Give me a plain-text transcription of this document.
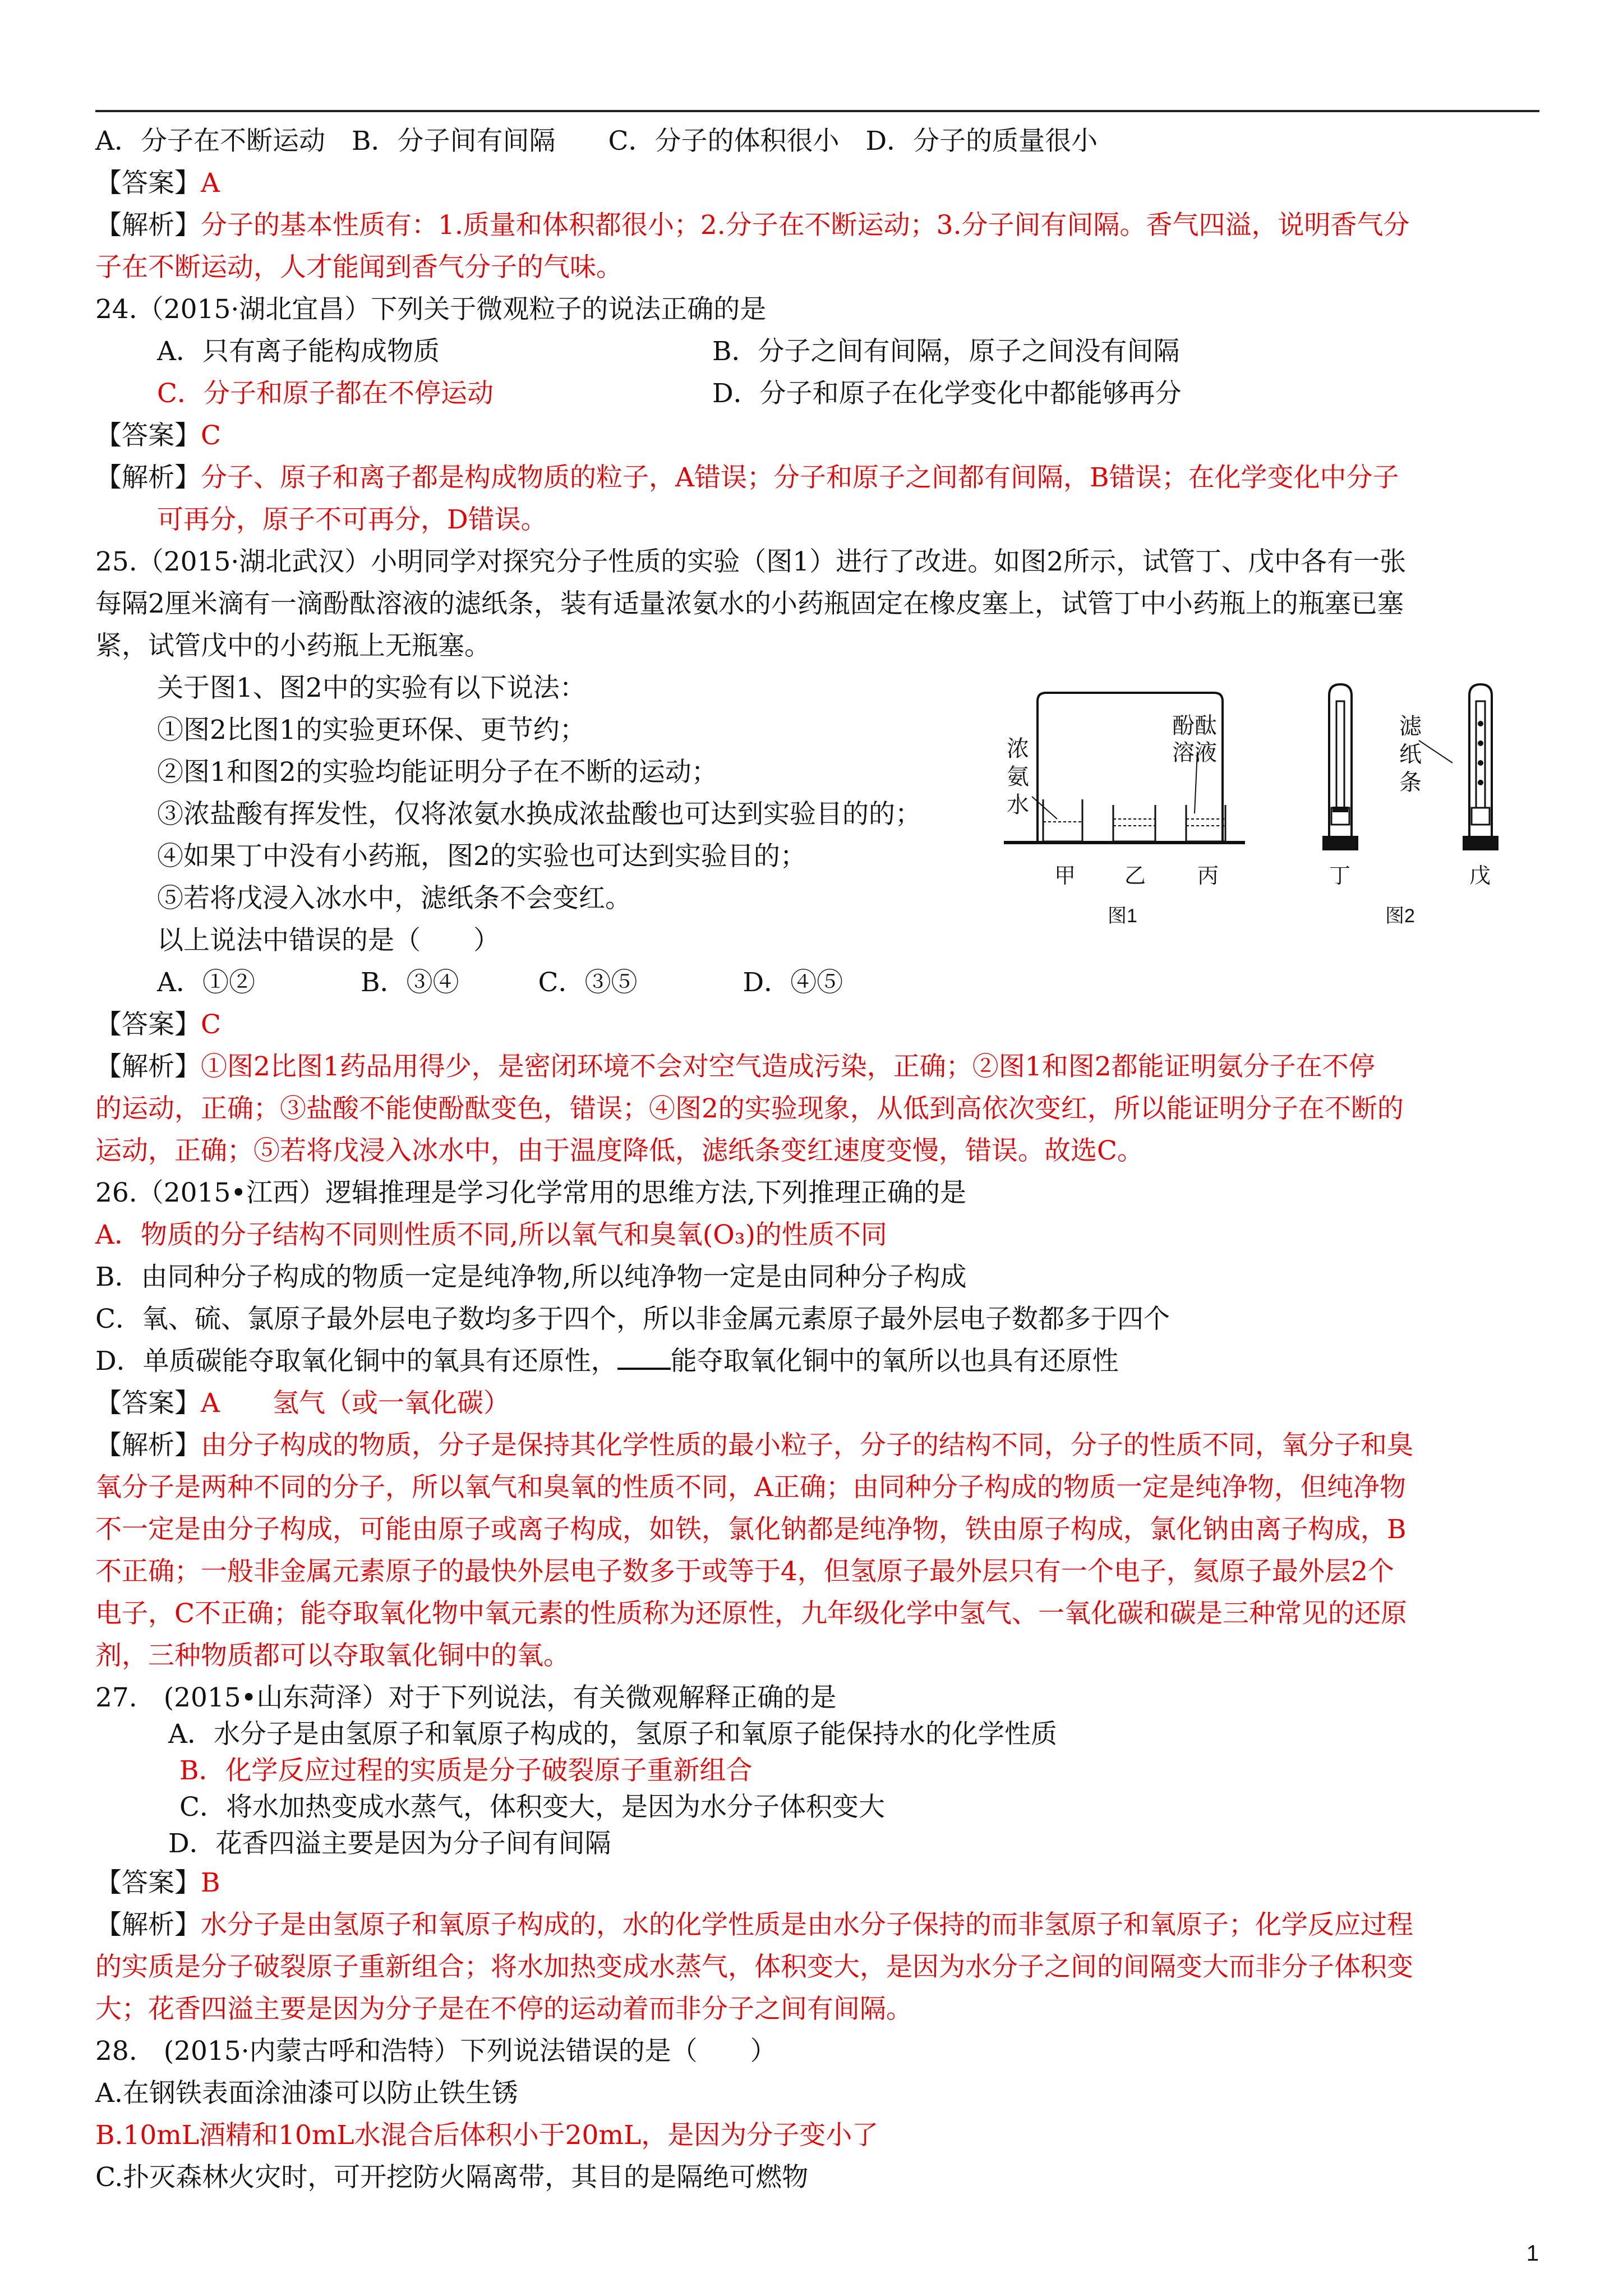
A．分子在不断运动　B．分子间有间隔　　C．分子的体积很小　D．分子的质量很小
【答案】A
【解析】分子的基本性质有：1.质量和体积都很小；2.分子在不断运动；3.分子间有间隔。香气四溢，说明香气分
子在不断运动，人才能闻到香气分子的气味。
24.（2015·湖北宜昌）下列关于微观粒子的说法正确的是
A．只有离子能构成物质	B．分子之间有间隔，原子之间没有间隔
C．分子和原子都在不停运动	D．分子和原子在化学变化中都能够再分
【答案】C
【解析】分子、原子和离子都是构成物质的粒子，A错误；分子和原子之间都有间隔，B错误；在化学变化中分子
可再分，原子不可再分，D错误。
25.（2015·湖北武汉）小明同学对探究分子性质的实验（图1）进行了改进。如图2所示，试管丁、戊中各有一张
每隔2厘米滴有一滴酚酞溶液的滤纸条，装有适量浓氨水的小药瓶固定在橡皮塞上，试管丁中小药瓶上的瓶塞已塞
紧，试管戊中的小药瓶上无瓶塞。
关于图1、图2中的实验有以下说法：
①图2比图1的实验更环保、更节约；
②图1和图2的实验均能证明分子在不断的运动；
③浓盐酸有挥发性，仅将浓氨水换成浓盐酸也可达到实验目的的；
④如果丁中没有小药瓶，图2的实验也可达到实验目的；
⑤若将戊浸入冰水中，滤纸条不会变红。
以上说法中错误的是（　　）
A．①②　　　　B．③④　　　C．③⑤　　　　D．④⑤
浓
氨
水
酚酞
溶液
滤
纸
条
甲 乙 丙	丁	戊
图1	图2
【答案】C
【解析】①图2比图1药品用得少，是密闭环境不会对空气造成污染，正确；②图1和图2都能证明氨分子在不停
的运动，正确；③盐酸不能使酚酞变色，错误；④图2的实验现象，从低到高依次变红，所以能证明分子在不断的
运动，正确；⑤若将戊浸入冰水中，由于温度降低，滤纸条变红速度变慢，错误。故选C。
26.（2015•江西）逻辑推理是学习化学常用的思维方法,下列推理正确的是
A．物质的分子结构不同则性质不同,所以氧气和臭氧(O₃)的性质不同
B．由同种分子构成的物质一定是纯净物,所以纯净物一定是由同种分子构成
C．氧、硫、氯原子最外层电子数均多于四个，所以非金属元素原子最外层电子数都多于四个
D．单质碳能夺取氧化铜中的氧具有还原性， 能夺取氧化铜中的氧所以也具有还原性
【答案】A　　氢气（或一氧化碳）
【解析】由分子构成的物质，分子是保持其化学性质的最小粒子，分子的结构不同，分子的性质不同，氧分子和臭
氧分子是两种不同的分子，所以氧气和臭氧的性质不同，A正确；由同种分子构成的物质一定是纯净物，但纯净物
不一定是由分子构成，可能由原子或离子构成，如铁，氯化钠都是纯净物，铁由原子构成，氯化钠由离子构成，B
不正确；一般非金属元素原子的最快外层电子数多于或等于4，但氢原子最外层只有一个电子，氦原子最外层2个
电子，C不正确；能夺取氧化物中氧元素的性质称为还原性，九年级化学中氢气、一氧化碳和碳是三种常见的还原
剂，三种物质都可以夺取氧化铜中的氧。
27.　(2015•山东菏泽）对于下列说法，有关微观解释正确的是
A．水分子是由氢原子和氧原子构成的，氢原子和氧原子能保持水的化学性质
B．化学反应过程的实质是分子破裂原子重新组合
C．将水加热变成水蒸气，体积变大，是因为水分子体积变大
D．花香四溢主要是因为分子间有间隔
【答案】B
【解析】水分子是由氢原子和氧原子构成的，水的化学性质是由水分子保持的而非氢原子和氧原子；化学反应过程
的实质是分子破裂原子重新组合；将水加热变成水蒸气，体积变大，是因为水分子之间的间隔变大而非分子体积变
大；花香四溢主要是因为分子是在不停的运动着而非分子之间有间隔。
28.　(2015·内蒙古呼和浩特）下列说法错误的是（　　）
A.在钢铁表面涂油漆可以防止铁生锈
B.10mL酒精和10mL水混合后体积小于20mL，是因为分子变小了
C.扑灭森林火灾时，可开挖防火隔离带，其目的是隔绝可燃物
1
